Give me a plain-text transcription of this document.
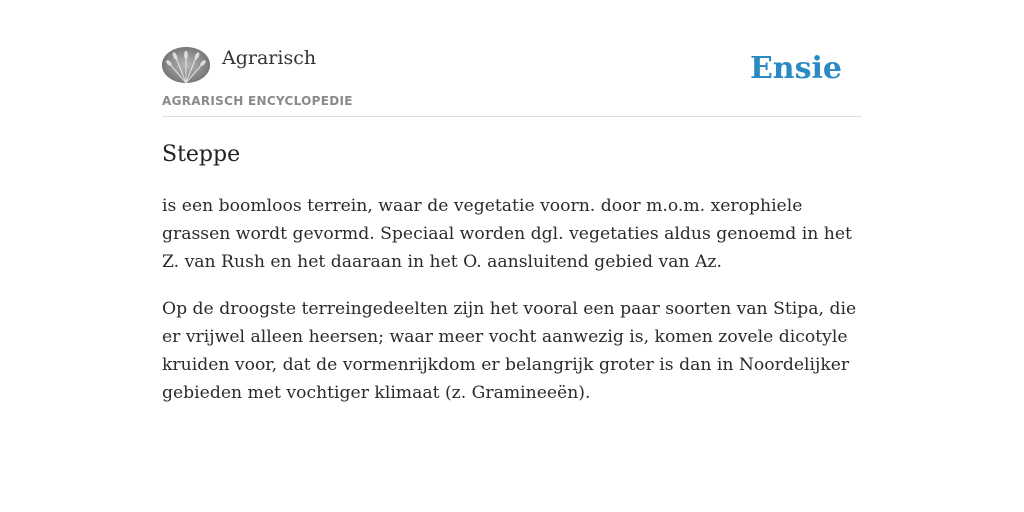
Agrarisch
AGRARISCH ENCYCLOPEDIE
Ensie
Steppe

is een boomloos terrein, waar de vegetatie voorn. door m.o.m. xerophiele grassen wordt gevormd. Speciaal worden dgl. vegetaties aldus genoemd in het Z. van Rush en het daaraan in het O. aansluitend gebied van Az.

Op de droogste terreingedeelten zijn het vooral een paar soorten van Stipa, die er vrijwel alleen heersen; waar meer vocht aanwezig is, komen zovele dicotyle kruiden voor, dat de vormenrijkdom er belangrijk groter is dan in Noordelijker gebieden met vochtiger klimaat (z. Gramineeën).
